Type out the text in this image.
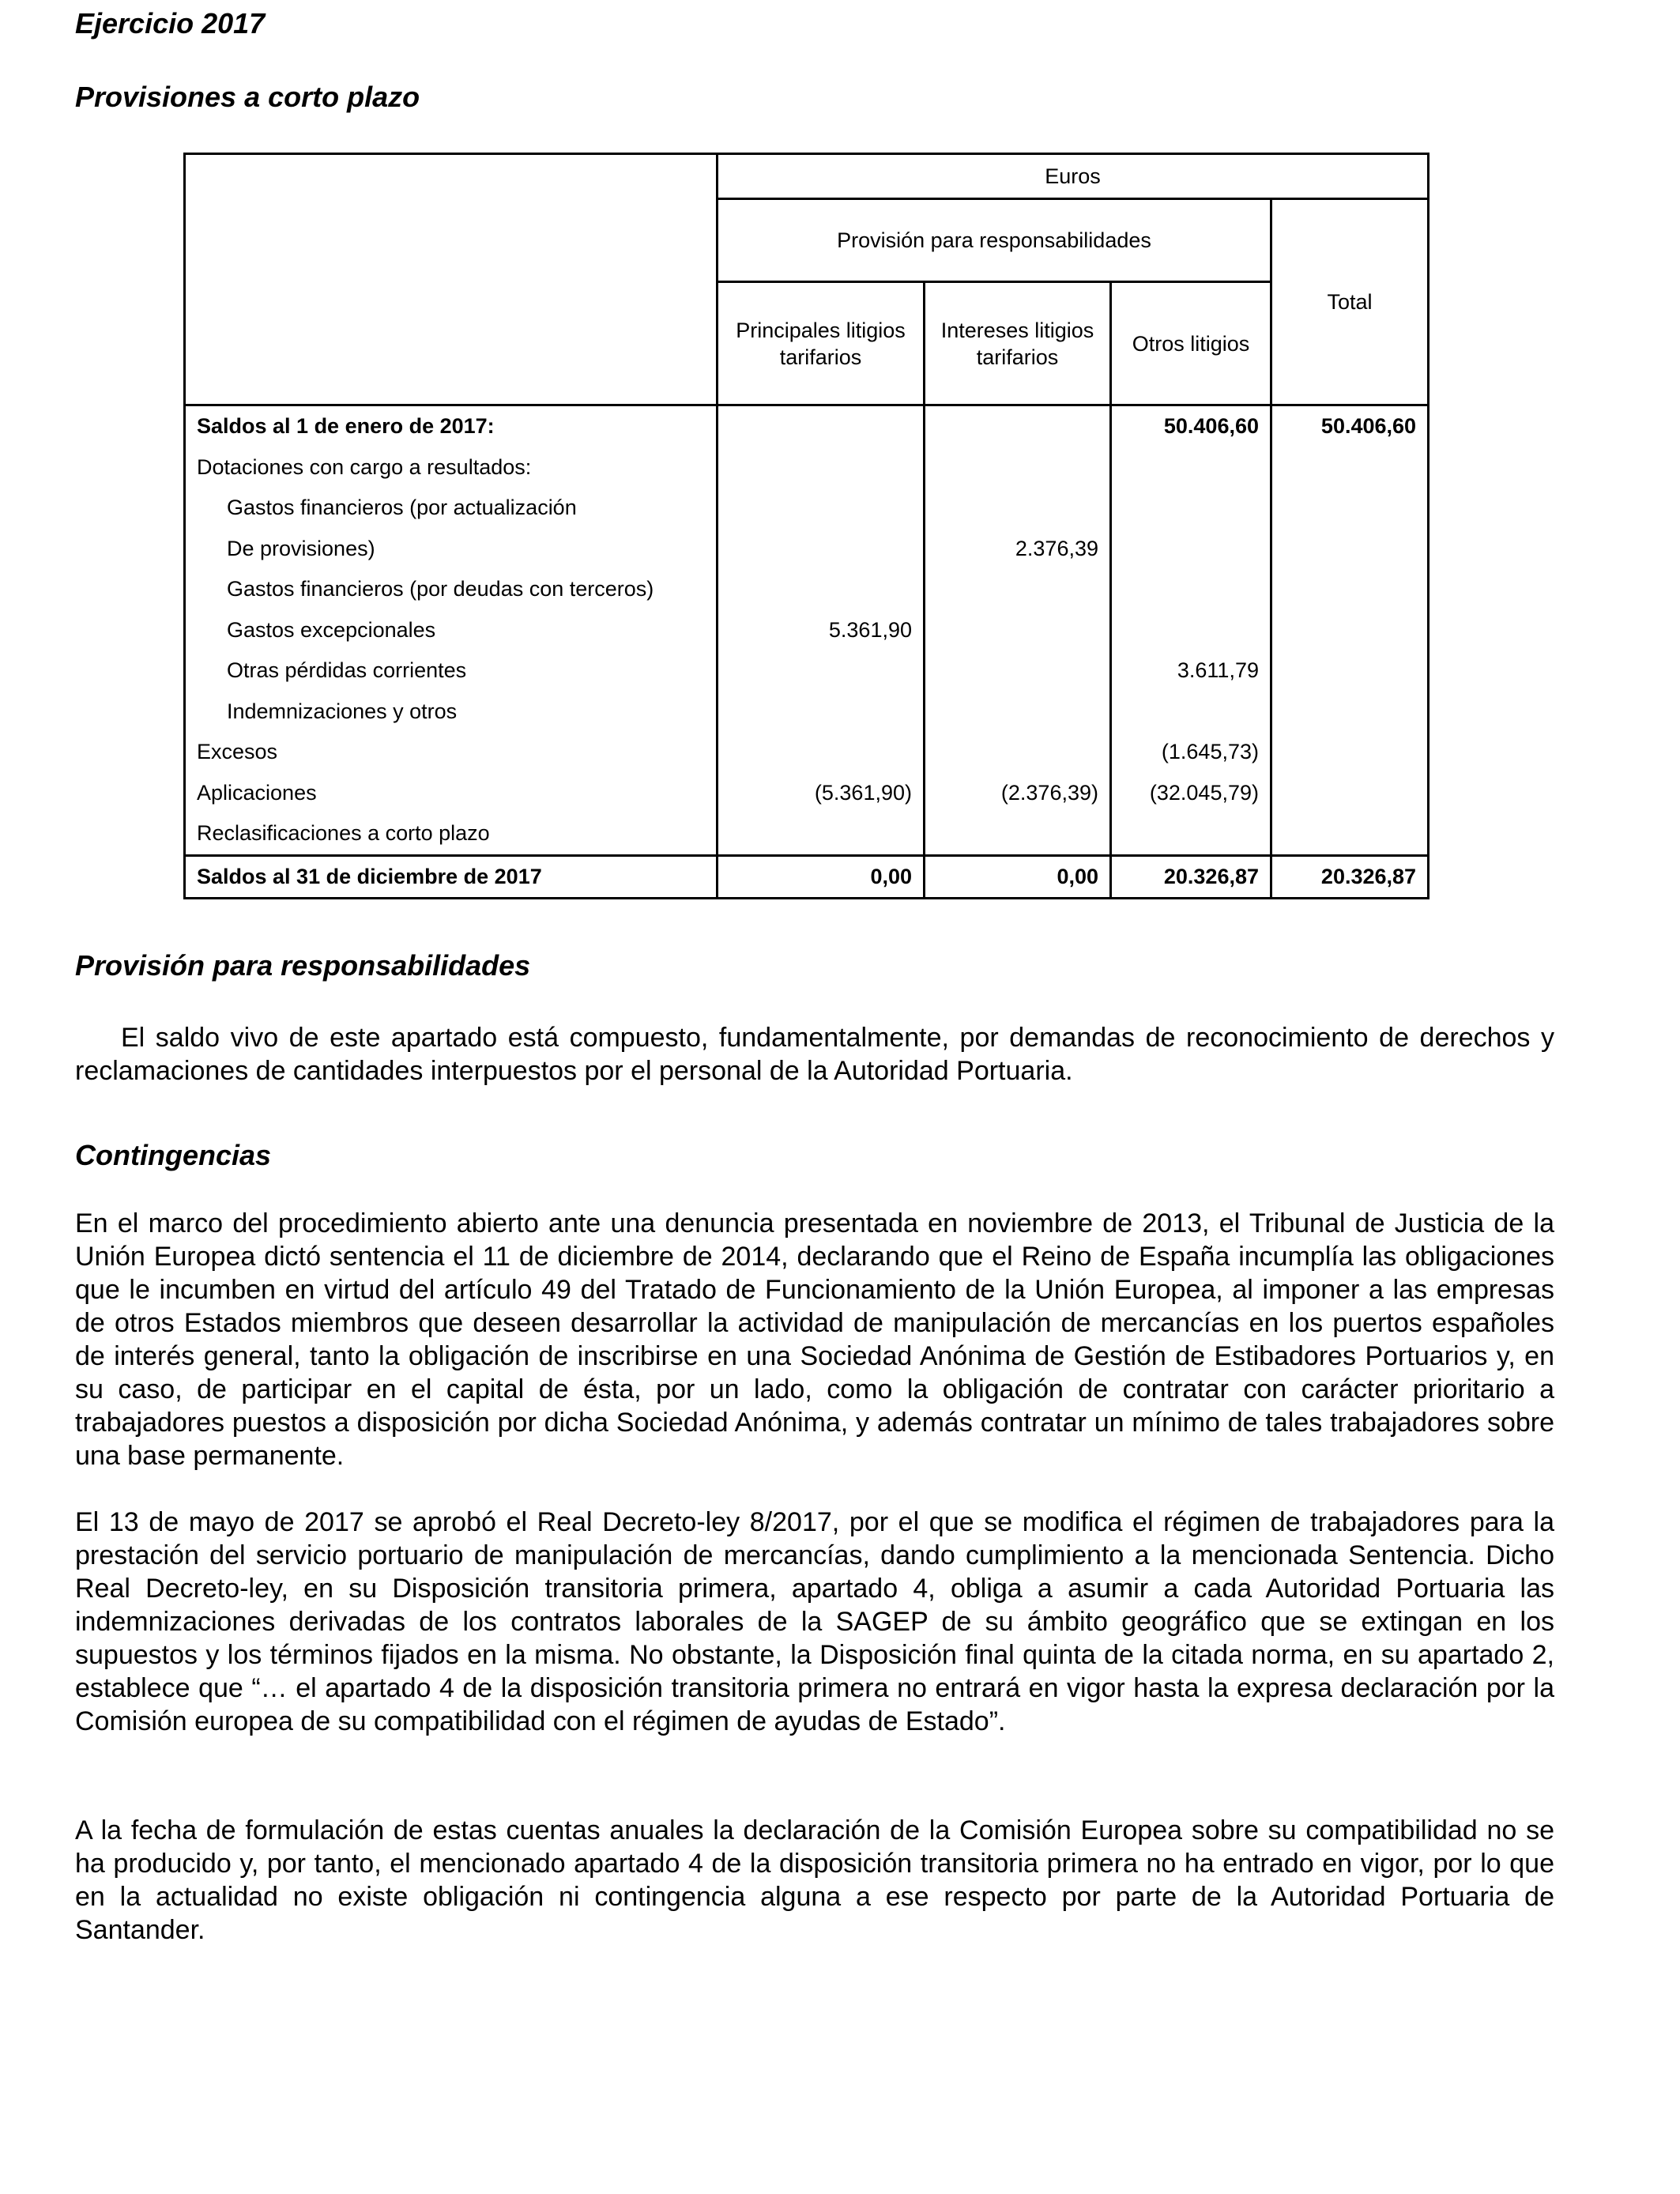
Ejercicio 2017
Provisiones a corto plazo
	Euros			
	Provisión para responsabilidades			Total
	Principales litigios tarifarios	Intereses litigios tarifarios	Otros litigios	
Saldos al 1 de enero de 2017:			50.406,60	50.406,60
Dotaciones con cargo a resultados:				
Gastos financieros (por actualización				
De provisiones)		2.376,39		
Gastos financieros (por deudas con terceros)				
Gastos excepcionales	5.361,90			
Otras pérdidas corrientes			3.611,79	
Indemnizaciones y otros				
Excesos			(1.645,73)	
Aplicaciones	(5.361,90)	(2.376,39)	(32.045,79)	
Reclasificaciones a corto plazo				
Saldos al 31 de diciembre de 2017	0,00	0,00	20.326,87	20.326,87
Provisión para responsabilidades

El saldo vivo de este apartado está compuesto, fundamentalmente, por demandas de reconocimiento de derechos y reclamaciones de cantidades interpuestos por el personal de la Autoridad Portuaria.

Contingencias

En el marco del procedimiento abierto ante una denuncia presentada en noviembre de 2013, el Tribunal de Justicia de la Unión Europea dictó sentencia el 11 de diciembre de 2014, declarando que el Reino de España incumplía las obligaciones que le incumben en virtud del artículo 49 del Tratado de Funcionamiento de la Unión Europea, al imponer a las empresas de otros Estados miembros que deseen desarrollar la actividad de manipulación de mercancías en los puertos españoles de interés general, tanto la obligación de inscribirse en una Sociedad Anónima de Gestión de Estibadores Portuarios y, en su caso, de participar en el capital de ésta, por un lado, como la obligación de contratar con carácter prioritario a trabajadores puestos a disposición por dicha Sociedad Anónima, y además contratar un mínimo de tales trabajadores sobre una base permanente.

El 13 de mayo de 2017 se aprobó el Real Decreto-ley 8/2017, por el que se modifica el régimen de trabajadores para la prestación del servicio portuario de manipulación de mercancías, dando cumplimiento a la mencionada Sentencia. Dicho Real Decreto-ley, en su Disposición transitoria primera, apartado 4, obliga a asumir a cada Autoridad Portuaria las indemnizaciones derivadas de los contratos laborales de la SAGEP de su ámbito geográfico que se extingan en los supuestos y los términos fijados en la misma. No obstante, la Disposición final quinta de la citada norma, en su apartado 2, establece que “… el apartado 4 de la disposición transitoria primera no entrará en vigor hasta la expresa declaración por la Comisión europea de su compatibilidad con el régimen de ayudas de Estado”.

A la fecha de formulación de estas cuentas anuales la declaración de la Comisión Europea sobre su compatibilidad no se ha producido y, por tanto, el mencionado apartado 4 de la disposición transitoria primera no ha entrado en vigor, por lo que en la actualidad no existe obligación ni contingencia alguna a ese respecto por parte de la Autoridad Portuaria de Santander.
